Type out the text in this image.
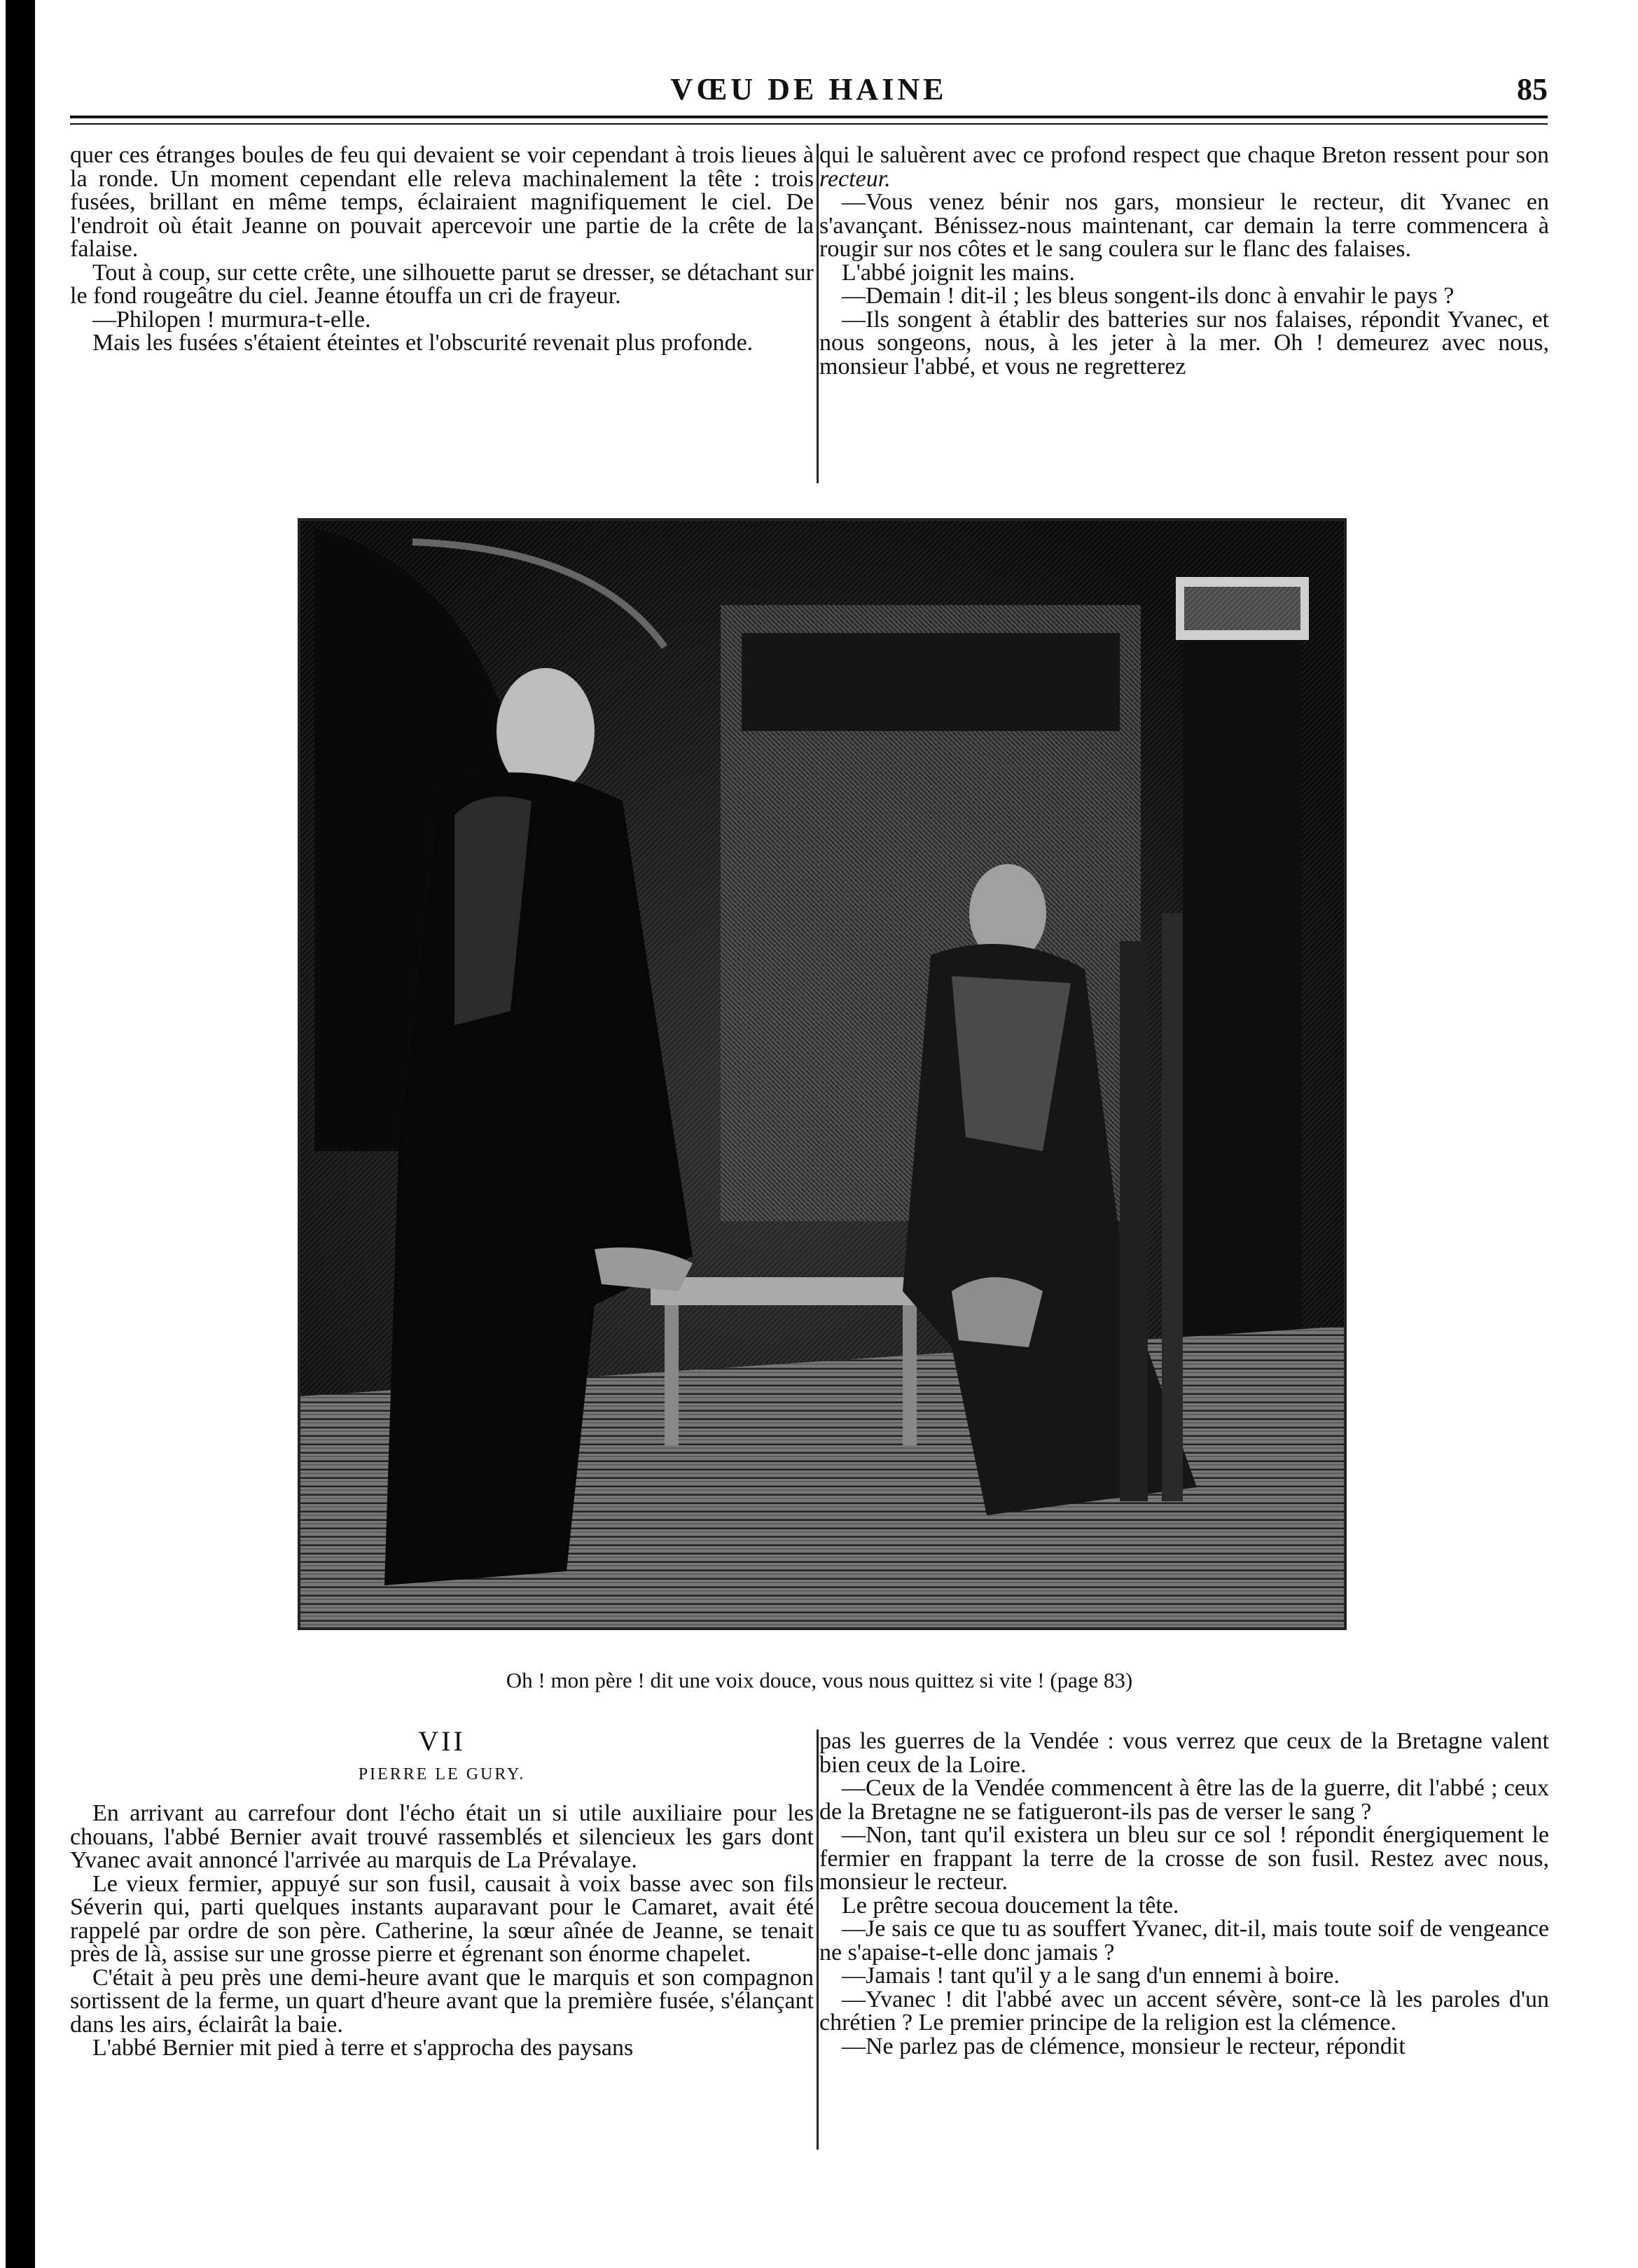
VŒU DE HAINE	85

quer ces étranges boules de feu qui devaient se voir cependant à trois lieues à la ronde. Un moment cependant elle releva machinalement la tête : trois fusées, brillant en même temps, éclairaient magnifiquement le ciel. De l'endroit où était Jeanne on pouvait apercevoir une partie de la crête de la falaise.

Tout à coup, sur cette crête, une silhouette parut se dresser, se détachant sur le fond rougeâtre du ciel. Jeanne étouffa un cri de frayeur.

—Philopen ! murmura-t-elle.

Mais les fusées s'étaient éteintes et l'obscurité revenait plus profonde.

qui le saluèrent avec ce profond respect que chaque Breton ressent pour son recteur.

—Vous venez bénir nos gars, monsieur le recteur, dit Yvanec en s'avançant. Bénissez-nous maintenant, car demain la terre commencera à rougir sur nos côtes et le sang coulera sur le flanc des falaises.

L'abbé joignit les mains.

—Demain ! dit-il ; les bleus songent-ils donc à envahir le pays ?

—Ils songent à établir des batteries sur nos falaises, répondit Yvanec, et nous songeons, nous, à les jeter à la mer. Oh ! demeurez avec nous, monsieur l'abbé, et vous ne regretterez

Oh ! mon père ! dit une voix douce, vous nous quittez si vite ! (page 83)
VII
PIERRE LE GURY.

En arrivant au carrefour dont l'écho était un si utile auxiliaire pour les chouans, l'abbé Bernier avait trouvé rassemblés et silencieux les gars dont Yvanec avait annoncé l'arrivée au marquis de La Prévalaye.

Le vieux fermier, appuyé sur son fusil, causait à voix basse avec son fils Séverin qui, parti quelques instants auparavant pour le Camaret, avait été rappelé par ordre de son père. Catherine, la sœur aînée de Jeanne, se tenait près de là, assise sur une grosse pierre et égrenant son énorme chapelet.

C'était à peu près une demi-heure avant que le marquis et son compagnon sortissent de la ferme, un quart d'heure avant que la première fusée, s'élançant dans les airs, éclairât la baie.

L'abbé Bernier mit pied à terre et s'approcha des paysans

pas les guerres de la Vendée : vous verrez que ceux de la Bretagne valent bien ceux de la Loire.

—Ceux de la Vendée commencent à être las de la guerre, dit l'abbé ; ceux de la Bretagne ne se fatigueront-ils pas de verser le sang ?

—Non, tant qu'il existera un bleu sur ce sol ! répondit énergiquement le fermier en frappant la terre de la crosse de son fusil. Restez avec nous, monsieur le recteur.

Le prêtre secoua doucement la tête.

—Je sais ce que tu as souffert Yvanec, dit-il, mais toute soif de vengeance ne s'apaise-t-elle donc jamais ?

—Jamais ! tant qu'il y a le sang d'un ennemi à boire.

—Yvanec ! dit l'abbé avec un accent sévère, sont-ce là les paroles d'un chrétien ? Le premier principe de la religion est la clémence.

—Ne parlez pas de clémence, monsieur le recteur, répondit
